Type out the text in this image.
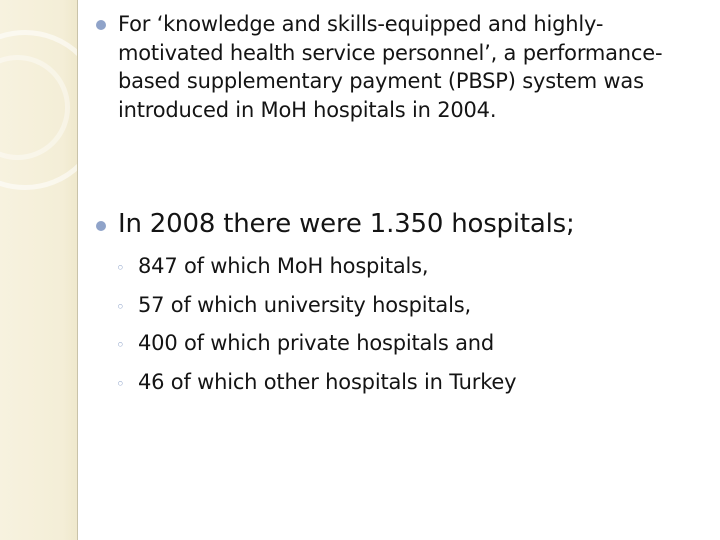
For ‘knowledge and skills-equipped and highly-motivated health service personnel’, a performance-based supplementary payment (PBSP) system was introduced in MoH hospitals in 2004.
In 2008 there were 1.350 hospitals;
◦ 847 of which MoH hospitals,
◦ 57 of which university hospitals,
◦ 400 of which private hospitals and
◦ 46 of which other hospitals in Turkey
